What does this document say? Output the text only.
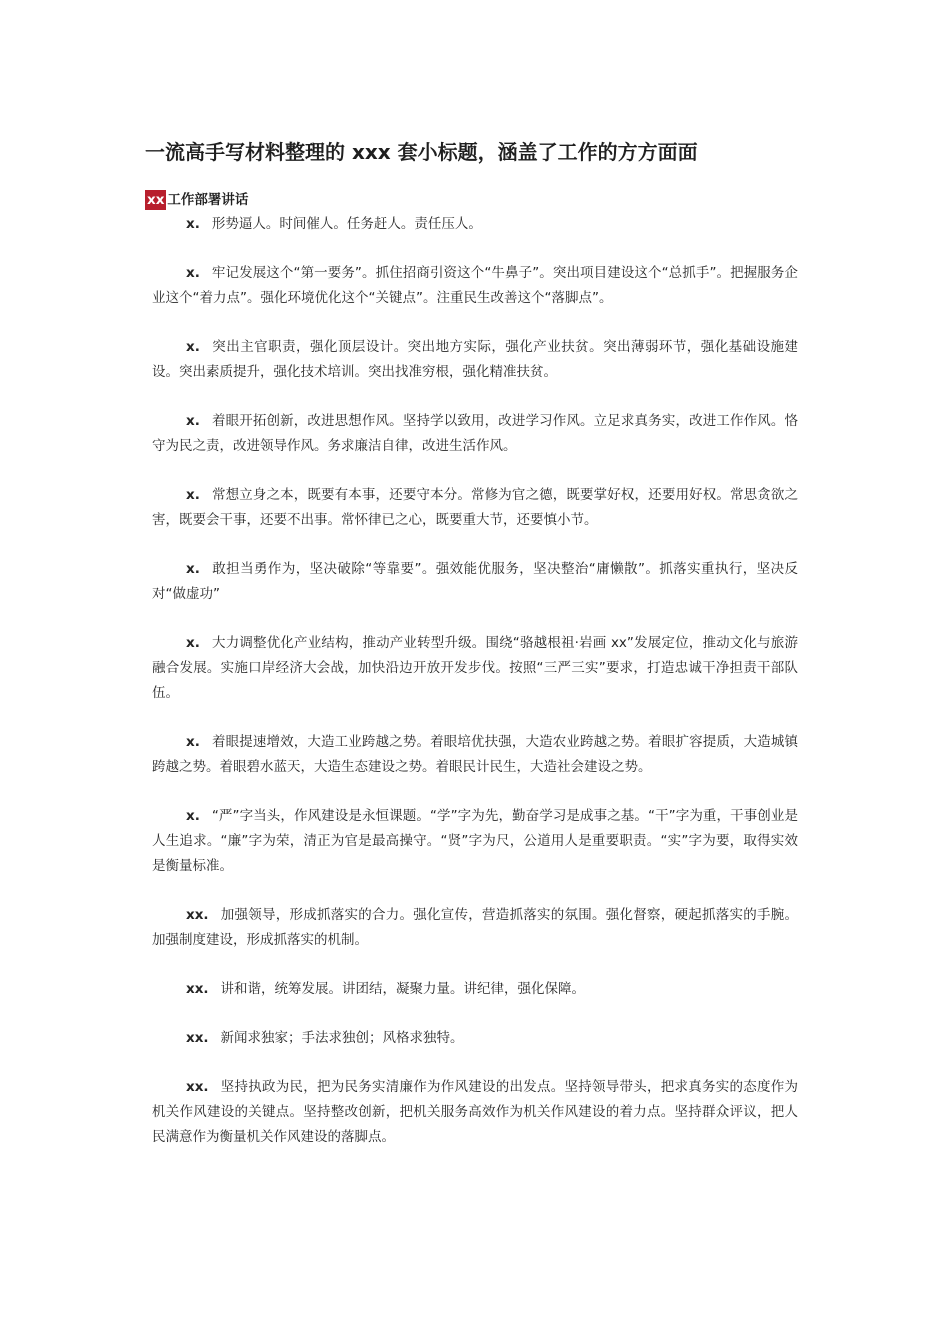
一流高手写材料整理的 xxx 套小标题，涵盖了工作的方方面面
xx 工作部署讲话
x. 形势逼人。时间催人。任务赶人。责任压人。
x. 牢记发展这个“第一要务”。抓住招商引资这个“牛鼻子”。突出项目建设这个“总抓手”。把握服务企业这个“着力点”。强化环境优化这个“关键点”。注重民生改善这个“落脚点”。
x. 突出主官职责，强化顶层设计。突出地方实际，强化产业扶贫。突出薄弱环节，强化基础设施建设。突出素质提升，强化技术培训。突出找准穷根，强化精准扶贫。
x. 着眼开拓创新，改进思想作风。坚持学以致用，改进学习作风。立足求真务实，改进工作作风。恪守为民之责，改进领导作风。务求廉洁自律，改进生活作风。
x. 常想立身之本，既要有本事，还要守本分。常修为官之德，既要掌好权，还要用好权。常思贪欲之害，既要会干事，还要不出事。常怀律已之心，既要重大节，还要慎小节。
x. 敢担当勇作为，坚决破除“等靠要”。强效能优服务，坚决整治“庸懒散”。抓落实重执行，坚决反对“做虚功”
x. 大力调整优化产业结构，推动产业转型升级。围绕“骆越根祖·岩画 xx”发展定位，推动文化与旅游融合发展。实施口岸经济大会战，加快沿边开放开发步伐。按照“三严三实”要求，打造忠诚干净担责干部队伍。
x. 着眼提速增效，大造工业跨越之势。着眼培优扶强，大造农业跨越之势。着眼扩容提质，大造城镇跨越之势。着眼碧水蓝天，大造生态建设之势。着眼民计民生，大造社会建设之势。
x. “严”字当头，作风建设是永恒课题。“学”字为先，勤奋学习是成事之基。“干”字为重，干事创业是人生追求。“廉”字为荣，清正为官是最高操守。“贤”字为尺，公道用人是重要职责。“实”字为要，取得实效是衡量标准。
xx. 加强领导，形成抓落实的合力。强化宣传，营造抓落实的氛围。强化督察，硬起抓落实的手腕。加强制度建设，形成抓落实的机制。
xx. 讲和谐，统筹发展。讲团结，凝聚力量。讲纪律，强化保障。
xx. 新闻求独家；手法求独创；风格求独特。
xx. 坚持执政为民，把为民务实清廉作为作风建设的出发点。坚持领导带头，把求真务实的态度作为机关作风建设的关键点。坚持整改创新，把机关服务高效作为机关作风建设的着力点。坚持群众评议，把人民满意作为衡量机关作风建设的落脚点。
